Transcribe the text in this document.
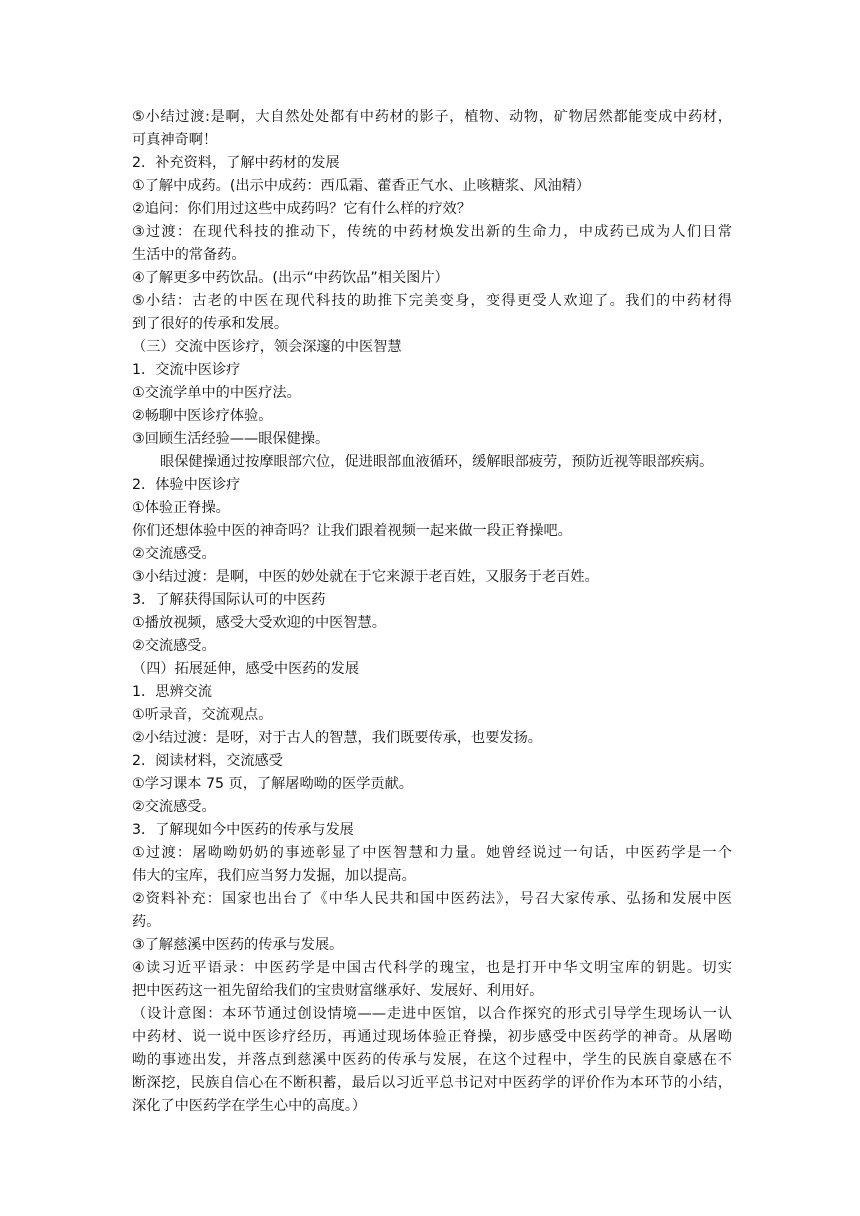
⑤小结过渡:是啊，大自然处处都有中药材的影子，植物、动物，矿物居然都能变成中药材，
可真神奇啊！
2．补充资料，了解中药材的发展
①了解中成药。(出示中成药：西瓜霜、藿香正气水、止咳糖浆、风油精）
②追问：你们用过这些中成药吗？它有什么样的疗效？
③过渡：在现代科技的推动下，传统的中药材焕发出新的生命力，中成药已成为人们日常
生活中的常备药。
④了解更多中药饮品。(出示“中药饮品”相关图片）
⑤小结：古老的中医在现代科技的助推下完美变身，变得更受人欢迎了。我们的中药材得
到了很好的传承和发展。
（三）交流中医诊疗，领会深邃的中医智慧
1．交流中医诊疗
①交流学单中的中医疗法。
②畅聊中医诊疗体验。
③回顾生活经验——眼保健操。
眼保健操通过按摩眼部穴位，促进眼部血液循环，缓解眼部疲劳，预防近视等眼部疾病。
2．体验中医诊疗
①体验正脊操。
你们还想体验中医的神奇吗？让我们跟着视频一起来做一段正脊操吧。
②交流感受。
③小结过渡：是啊，中医的妙处就在于它来源于老百姓，又服务于老百姓。
3．了解获得国际认可的中医药
①播放视频，感受大受欢迎的中医智慧。
②交流感受。
（四）拓展延伸，感受中医药的发展
1．思辨交流
①听录音，交流观点。
②小结过渡：是呀，对于古人的智慧，我们既要传承，也要发扬。
2．阅读材料，交流感受
①学习课本 75 页，了解屠呦呦的医学贡献。
②交流感受。
3．了解现如今中医药的传承与发展
①过渡：屠呦呦奶奶的事迹彰显了中医智慧和力量。她曾经说过一句话，中医药学是一个
伟大的宝库，我们应当努力发掘，加以提高。
②资料补充：国家也出台了《中华人民共和国中医药法》，号召大家传承、弘扬和发展中医
药。
③了解慈溪中医药的传承与发展。
④读习近平语录：中医药学是中国古代科学的瑰宝，也是打开中华文明宝库的钥匙。切实
把中医药这一祖先留给我们的宝贵财富继承好、发展好、利用好。
（设计意图：本环节通过创设情境——走进中医馆，以合作探究的形式引导学生现场认一认
中药材、说一说中医诊疗经历，再通过现场体验正脊操，初步感受中医药学的神奇。从屠呦
呦的事迹出发，并落点到慈溪中医药的传承与发展，在这个过程中，学生的民族自豪感在不
断深挖，民族自信心在不断积蓄，最后以习近平总书记对中医药学的评价作为本环节的小结，
深化了中医药学在学生心中的高度。）
